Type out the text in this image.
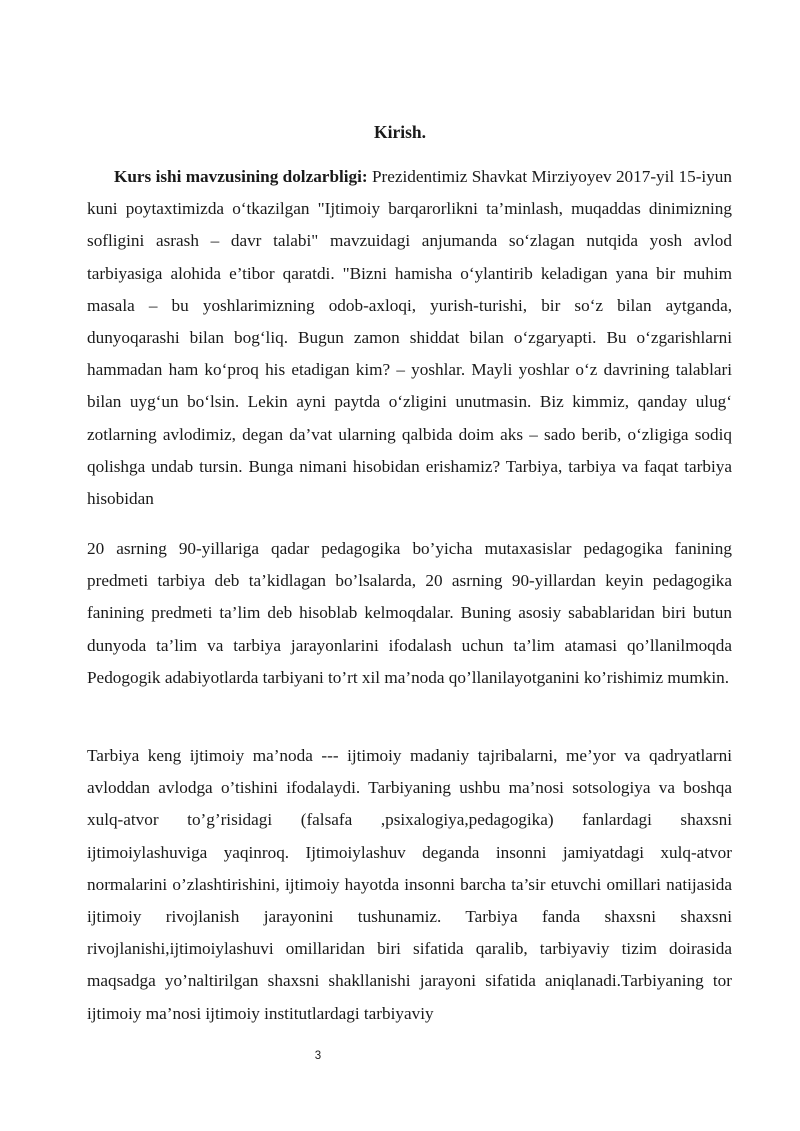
Kirish.

Kurs ishi mavzusining dolzarbligi: Prezidentimiz Shavkat Mirziyoyev 2017-yil 15-iyun kuni poytaxtimizda o‘tkazilgan "Ijtimoiy barqarorlikni ta’minlash, muqaddas dinimizning sofligini asrash – davr talabi" mavzuidagi anjumanda so‘zlagan nutqida yosh avlod tarbiyasiga alohida e’tibor qaratdi. "Bizni hamisha o‘ylantirib keladigan yana bir muhim masala – bu yoshlarimizning odob-axloqi, yurish-turishi, bir so‘z bilan aytganda, dunyoqarashi bilan bog‘liq. Bugun zamon shiddat bilan o‘zgaryapti. Bu o‘zgarishlarni hammadan ham ko‘proq his etadigan kim? – yoshlar. Mayli yoshlar o‘z davrining talablari bilan uyg‘un bo‘lsin. Lekin ayni paytda o‘zligini unutmasin. Biz kimmiz, qanday ulug‘ zotlarning avlodimiz, degan da’vat ularning qalbida doim aks – sado berib, o‘zligiga sodiq qolishga undab tursin. Bunga nimani hisobidan erishamiz? Tarbiya, tarbiya va faqat tarbiya hisobidan

20 asrning 90-yillariga qadar pedagogika bo’yicha mutaxasislar pedagogika fanining predmeti tarbiya deb ta’kidlagan bo’lsalarda, 20 asrning 90-yillardan keyin pedagogika fanining predmeti ta’lim deb hisoblab kelmoqdalar. Buning asosiy sabablaridan biri butun dunyoda ta’lim va tarbiya jarayonlarini ifodalash uchun ta’lim atamasi qo’llanilmoqda Pedogogik adabiyotlarda tarbiyani to’rt xil ma’noda qo’llanilayotganini ko’rishimiz mumkin.

Tarbiya keng ijtimoiy ma’noda --- ijtimoiy madaniy tajribalarni, me’yor va qadryatlarni avloddan avlodga o’tishini ifodalaydi. Tarbiyaning ushbu ma’nosi sotsologiya va boshqa xulq-atvor to’g’risidagi (falsafa ,psixalogiya,pedagogika) fanlardagi shaxsni ijtimoiylashuviga yaqinroq. Ijtimoiylashuv deganda insonni jamiyatdagi xulq-atvor normalarini o’zlashtirishini, ijtimoiy hayotda insonni barcha ta’sir etuvchi omillari natijasida ijtimoiy rivojlanish jarayonini tushunamiz. Tarbiya fanda shaxsni shaxsni rivojlanishi,ijtimoiylashuvi omillaridan biri sifatida qaralib, tarbiyaviy tizim doirasida maqsadga yo’naltirilgan shaxsni shakllanishi jarayoni sifatida aniqlanadi.Tarbiyaning tor ijtimoiy ma’nosi ijtimoiy institutlardagi tarbiyaviy

3
